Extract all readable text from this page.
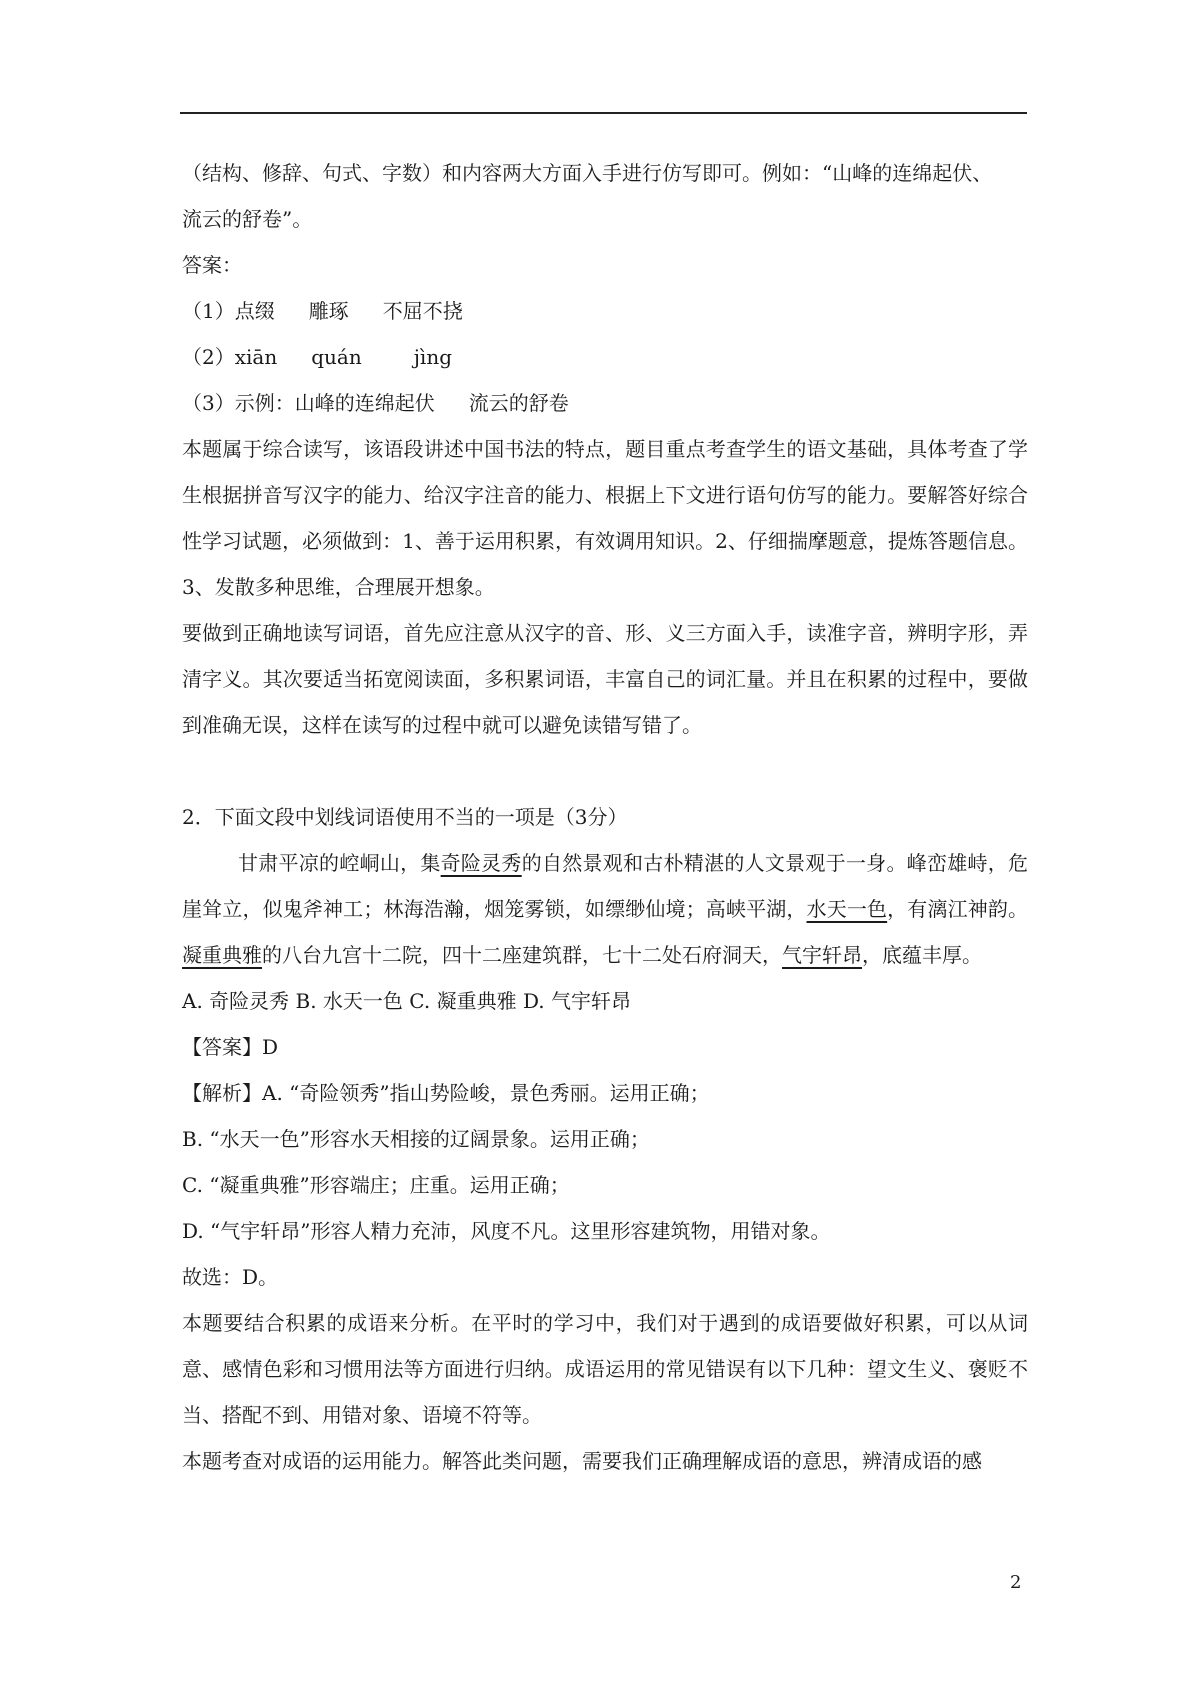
（结构、修辞、句式、字数）和内容两大方面入手进行仿写即可。例如：“山峰的连绵起伏、

流云的舒卷”。

答案：

（1）点缀 雕琢 不屈不挠

（2）xiān quán	jìng

（3）示例：山峰的连绵起伏 流云的舒卷

本题属于综合读写，该语段讲述中国书法的特点，题目重点考查学生的语文基础，具体考查了学生根据拼音写汉字的能力、给汉字注音的能力、根据上下文进行语句仿写的能力。要解答好综合性学习试题，必须做到：1、善于运用积累，有效调用知识。2、仔细揣摩题意，提炼答题信息。3、发散多种思维，合理展开想象。

要做到正确地读写词语，首先应注意从汉字的音、形、义三方面入手，读准字音，辨明字形，弄清字义。其次要适当拓宽阅读面，多积累词语，丰富自己的词汇量。并且在积累的过程中，要做到准确无误，这样在读写的过程中就可以避免读错写错了。

2．下面文段中划线词语使用不当的一项是（3分）

甘肃平凉的崆峒山，集奇险灵秀的自然景观和古朴精湛的人文景观于一身。峰峦雄峙，危崖耸立，似鬼斧神工；林海浩瀚，烟笼雾锁，如缥缈仙境；高峡平湖，水天一色，有漓江神韵。凝重典雅的八台九宫十二院，四十二座建筑群，七十二处石府洞天，气宇轩昂，底蕴丰厚。

A. 奇险灵秀 B. 水天一色 C. 凝重典雅 D. 气宇轩昂

【答案】D

【解析】A. “奇险领秀”指山势险峻，景色秀丽。运用正确；

B. “水天一色”形容水天相接的辽阔景象。运用正确；

C. “凝重典雅”形容端庄；庄重。运用正确；

D. “气宇轩昂”形容人精力充沛，风度不凡。这里形容建筑物，用错对象。

故选：D。

本题要结合积累的成语来分析。在平时的学习中，我们对于遇到的成语要做好积累，可以从词意、感情色彩和习惯用法等方面进行归纳。成语运用的常见错误有以下几种：望文生义、褒贬不当、搭配不到、用错对象、语境不符等。

本题考查对成语的运用能力。解答此类问题，需要我们正确理解成语的意思，辨清成语的感

2
